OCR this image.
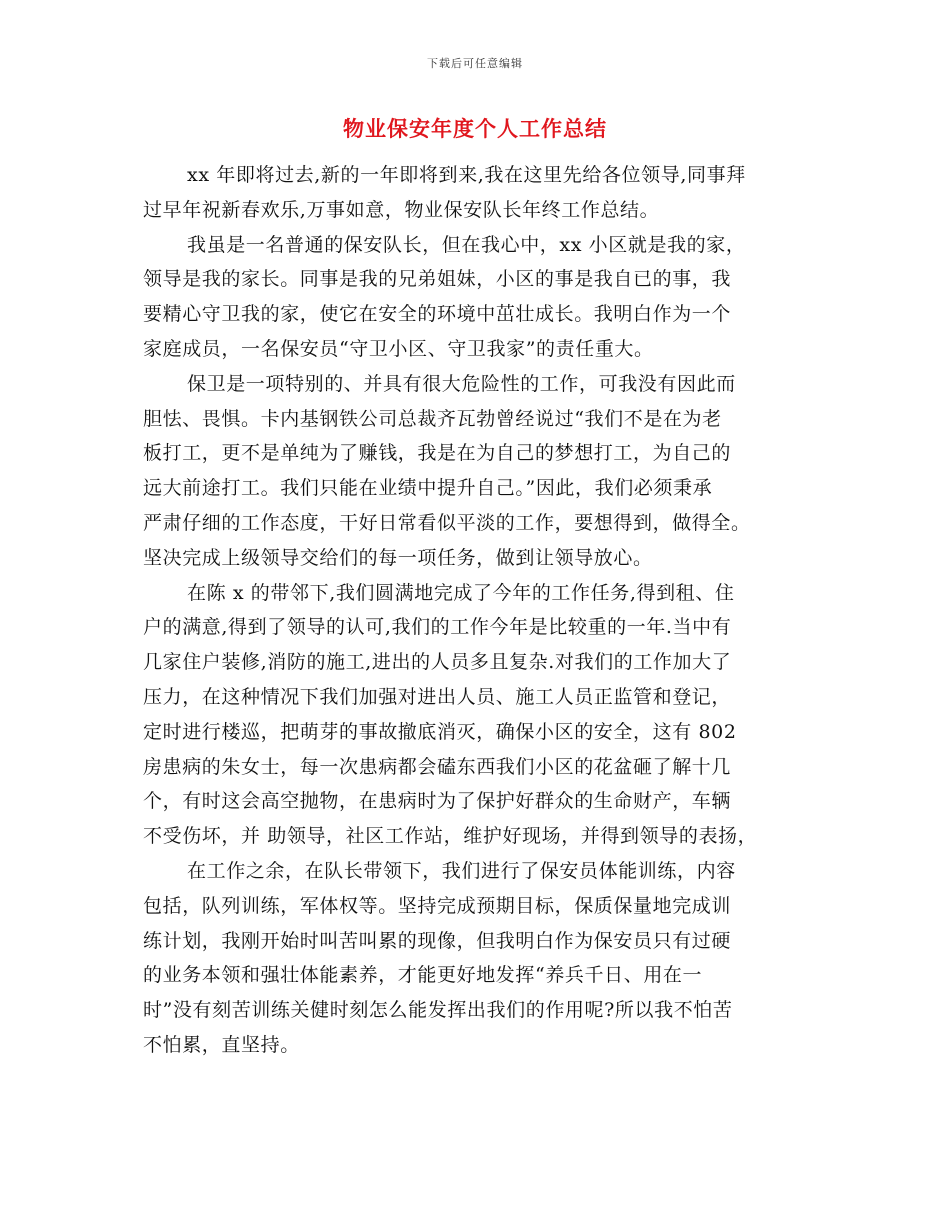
下载后可任意编辑
物业保安年度个人工作总结
xx 年即将过去,新的一年即将到来,我在这里先给各位领导,同事拜
过早年祝新春欢乐,万事如意，物业保安队长年终工作总结。
我虽是一名普通的保安队长，但在我心中，xx 小区就是我的家，
领导是我的家长。同事是我的兄弟姐妹，小区的事是我自已的事，我
要精心守卫我的家，使它在安全的环境中茁壮成长。我明白作为一个
家庭成员，一名保安员“守卫小区、守卫我家”的责任重大。
保卫是一项特别的、并具有很大危险性的工作，可我没有因此而
胆怯、畏惧。卡内基钢铁公司总裁齐瓦勃曾经说过“我们不是在为老
板打工，更不是单纯为了赚钱，我是在为自己的梦想打工，为自己的
远大前途打工。我们只能在业绩中提升自己。”因此，我们必须秉承
严肃仔细的工作态度，干好日常看似平淡的工作，要想得到，做得全。
坚决完成上级领导交给们的每一项任务，做到让领导放心。
在陈 x 的带邻下,我们圆满地完成了今年的工作任务,得到租、住
户的满意,得到了领导的认可,我们的工作今年是比较重的一年.当中有
几家住户装修,消防的施工,进出的人员多且复杂.对我们的工作加大了
压力，在这种情况下我们加强对进出人员、施工人员正监管和登记，
定时进行楼巡，把萌芽的事故撤底消灭，确保小区的安全，这有 802
房患病的朱女士，每一次患病都会磕东西我们小区的花盆砸了解十几
个，有时这会高空抛物，在患病时为了保护好群众的生命财产，车辆
不受伤坏，并 助领导，社区工作站，维护好现场，并得到领导的表扬，
在工作之余，在队长带领下，我们进行了保安员体能训练，内容
包括，队列训练，军体权等。坚持完成预期目标，保质保量地完成训
练计划，我刚开始时叫苦叫累的现像，但我明白作为保安员只有过硬
的业务本领和强壮体能素养，才能更好地发挥“养兵千日、用在一
时”没有刻苦训练关健时刻怎么能发挥出我们的作用呢?所以我不怕苦
不怕累，直坚持。
